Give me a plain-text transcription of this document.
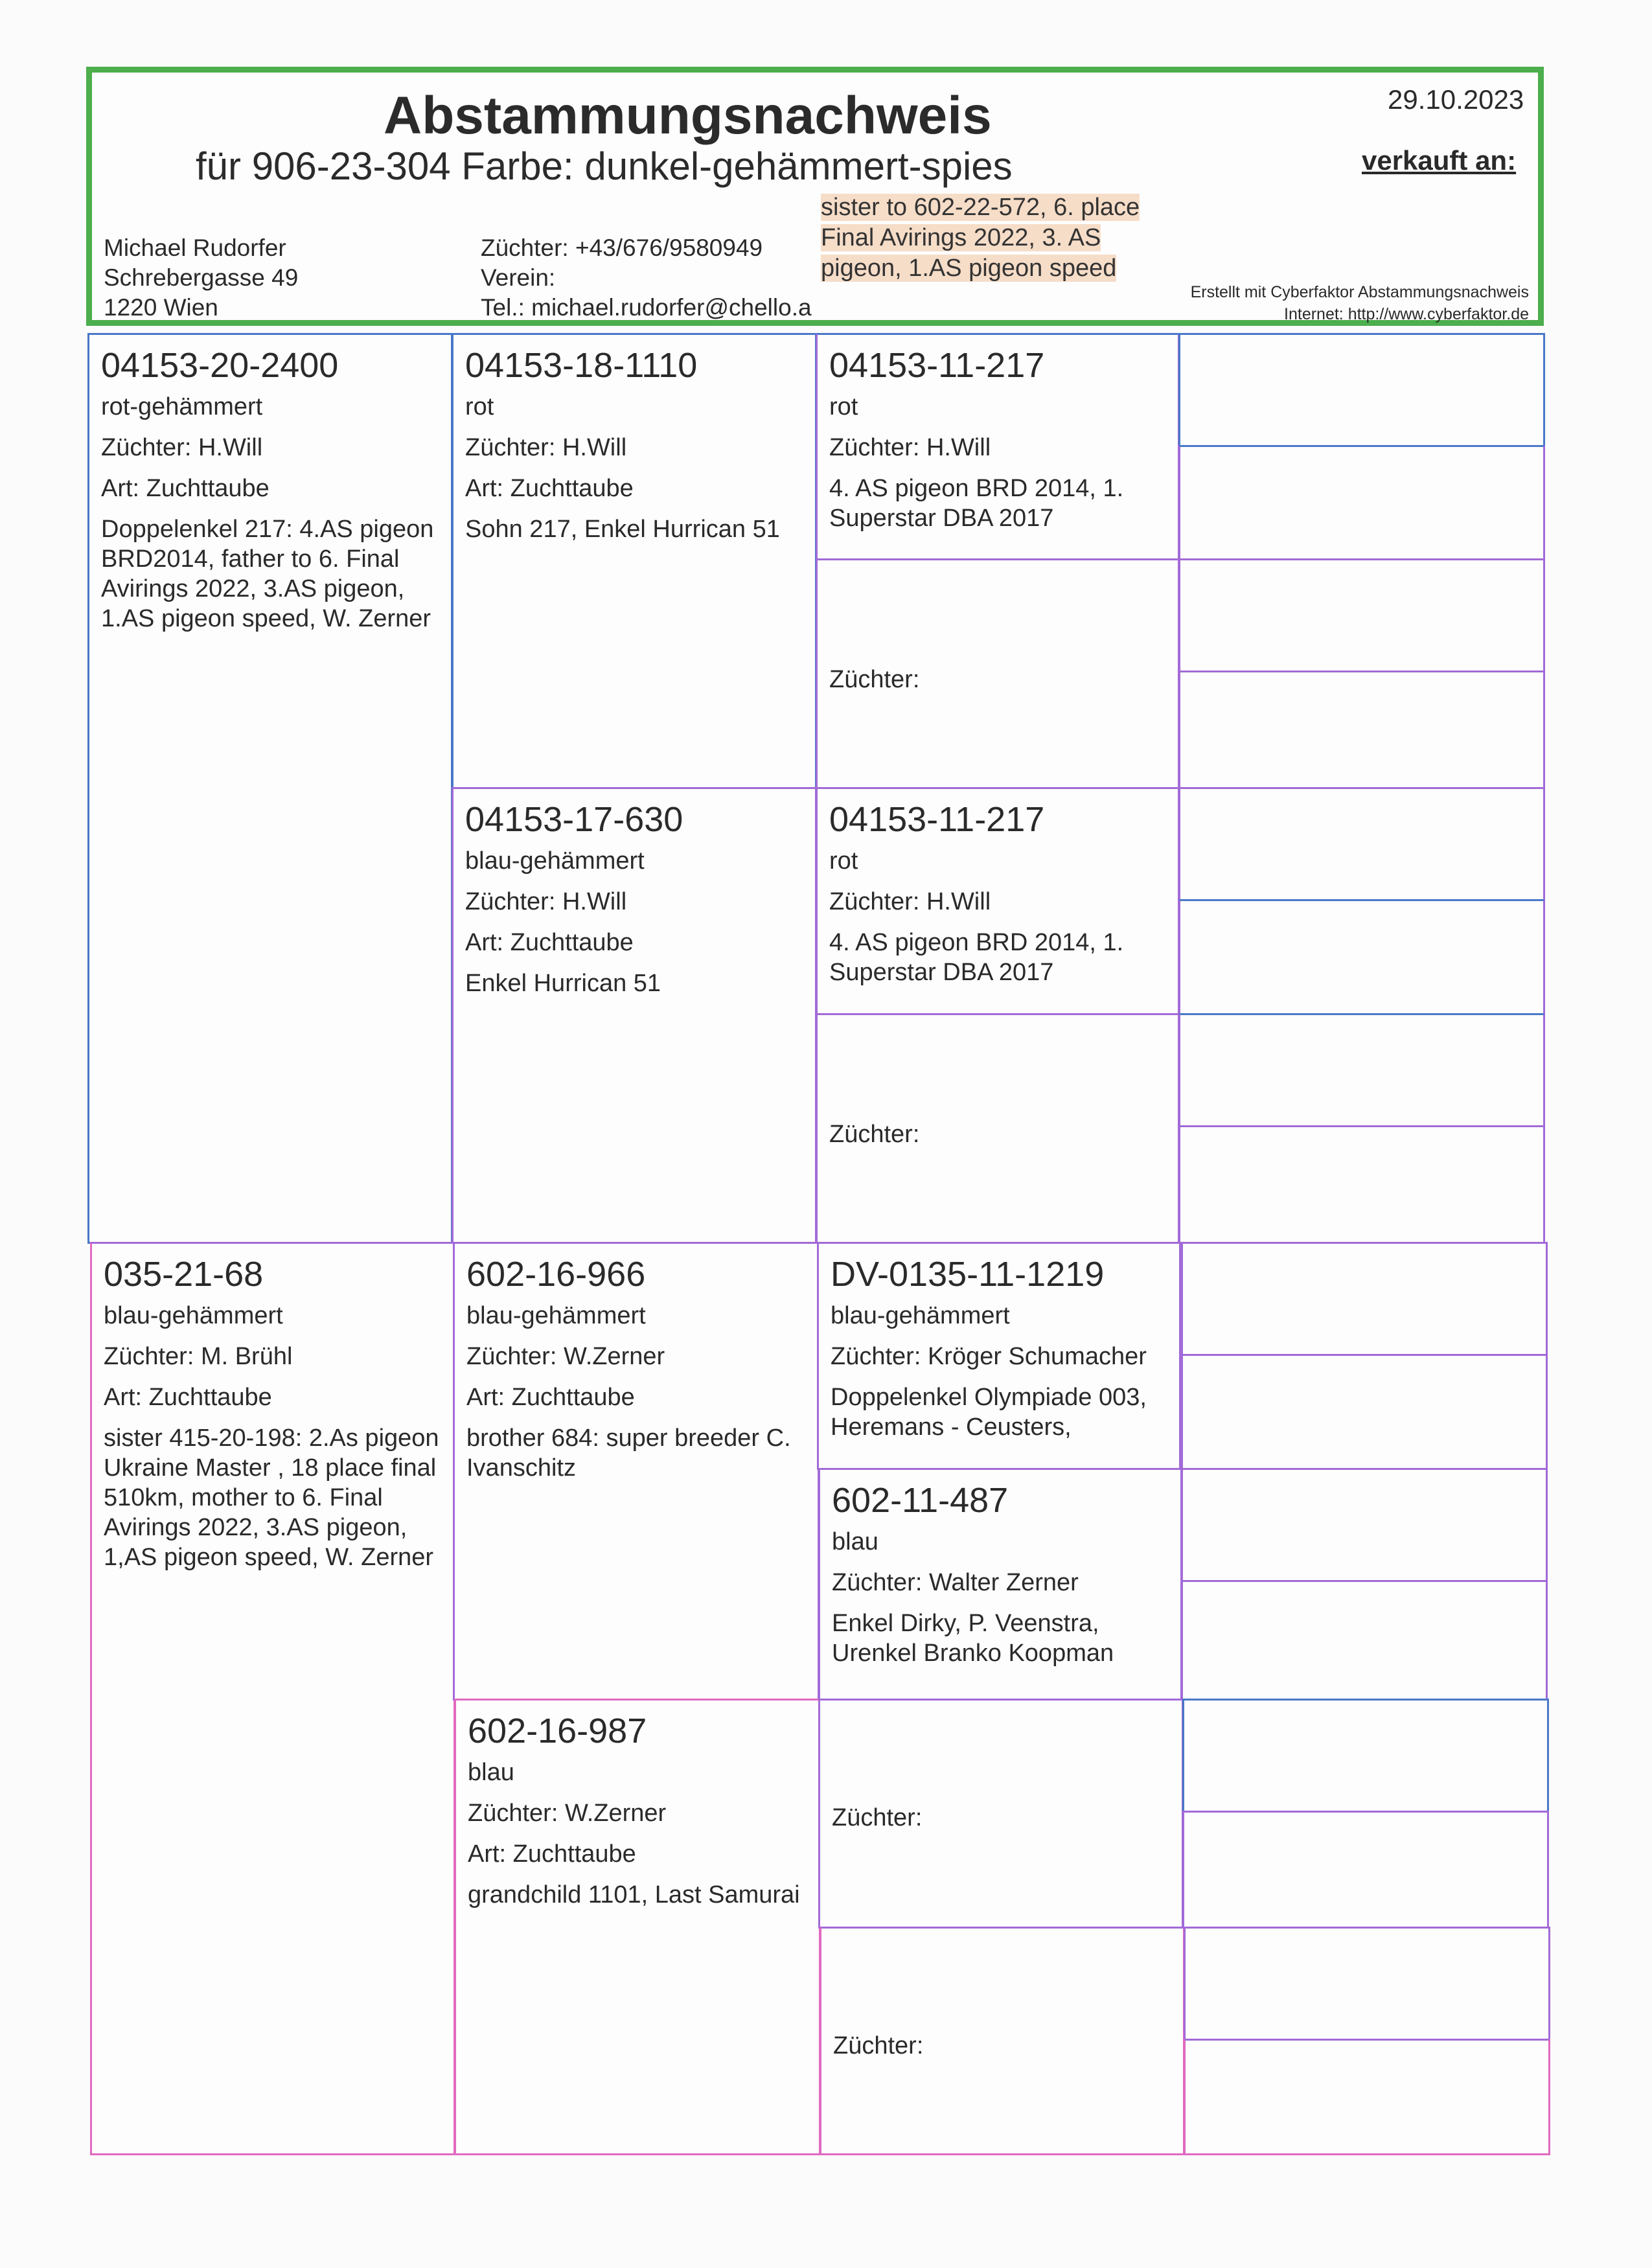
Abstammungsnachweis
für 906-23-304 Farbe: dunkel-gehämmert-spies
29.10.2023
verkauft an:
sister to 602-22-572, 6. place Final Avirings 2022, 3. AS pigeon, 1.AS pigeon speed
Michael Rudorfer
Schrebergasse 49
1220 Wien
Züchter: +43/676/9580949
Verein:
Tel.: michael.rudorfer@chello.a
Erstellt mit Cyberfaktor Abstammungsnachweis
Internet: http://www.cyberfaktor.de
04153-20-2400
rot-gehämmert
Züchter: H.Will
Art: Zuchttaube
Doppelenkel 217: 4.AS pigeon BRD2014, father to 6. Final Avirings 2022, 3.AS pigeon, 1.AS pigeon speed, W. Zerner
035-21-68
blau-gehämmert
Züchter: M. Brühl
Art: Zuchttaube
sister 415-20-198: 2.As pigeon Ukraine Master , 18 place final 510km, mother to 6. Final Avirings 2022, 3.AS pigeon, 1,AS pigeon speed, W. Zerner
04153-18-1110
rot
Züchter: H.Will
Art: Zuchttaube
Sohn 217, Enkel Hurrican 51
04153-17-630
blau-gehämmert
Züchter: H.Will
Art: Zuchttaube
Enkel Hurrican 51
602-16-966
blau-gehämmert
Züchter: W.Zerner
Art: Zuchttaube
brother 684: super breeder C. Ivanschitz
602-16-987
blau
Züchter: W.Zerner
Art: Zuchttaube
grandchild 1101, Last Samurai
04153-11-217
rot
Züchter: H.Will
4. AS pigeon BRD 2014, 1. Superstar DBA 2017
Züchter:
04153-11-217
rot
Züchter: H.Will
4. AS pigeon BRD 2014, 1. Superstar DBA 2017
Züchter:
DV-0135-11-1219
blau-gehämmert
Züchter: Kröger Schumacher
Doppelenkel Olympiade 003, Heremans - Ceusters,
602-11-487
blau
Züchter: Walter Zerner
Enkel Dirky, P. Veenstra, Urenkel Branko Koopman
Züchter:
Züchter:
